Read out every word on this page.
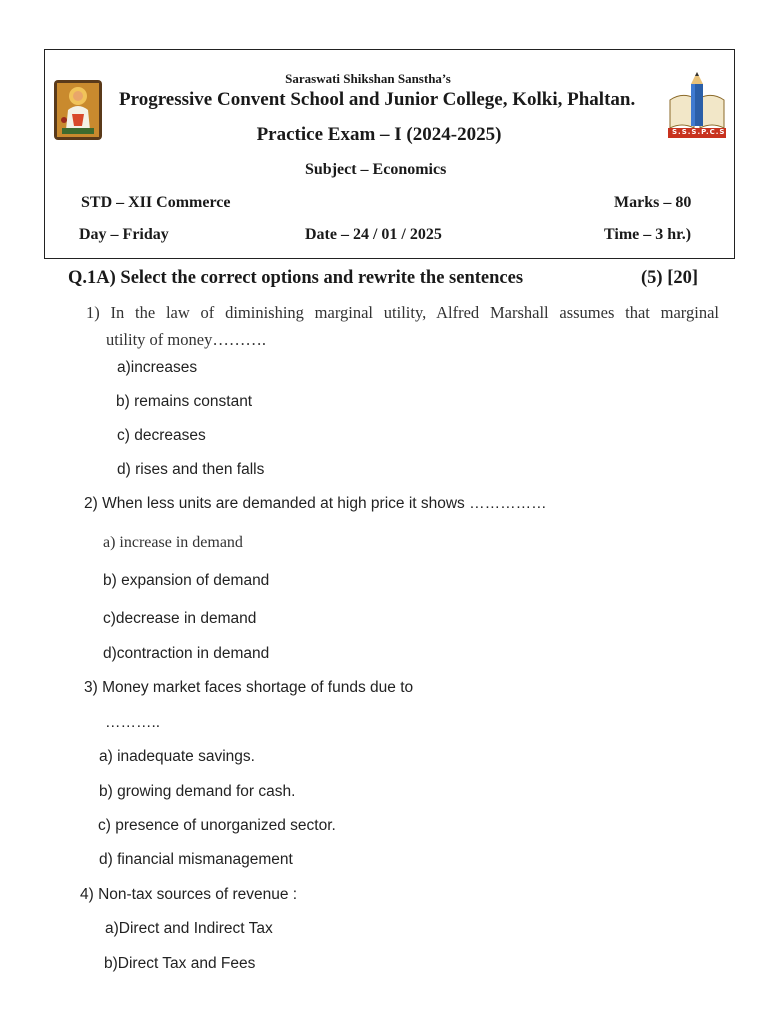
S.S.S.P.C.S
Saraswati Shikshan Sanstha’s
Progressive Convent School and Junior College, Kolki, Phaltan.
Practice Exam – I (2024-2025)
Subject – Economics
STD – XII Commerce	Marks – 80
Day – Friday	Date – 24 / 01 / 2025	Time – 3 hr.)
Q.1A) Select the correct options and rewrite the sentences	(5) [20]
1) In the law of diminishing marginal utility, Alfred Marshall assumes that marginal
utility of money……….
a)increases
b) remains constant
c) decreases
d) rises and then falls
2) When less units are demanded at high price it shows ……………
a) increase in demand
b) expansion of demand
c)decrease in demand
d)contraction in demand
3) Money market faces shortage of funds due to
………..
a) inadequate savings.
b) growing demand for cash.
c) presence of unorganized sector.
d) financial mismanagement
4) Non-tax sources of revenue :
a)Direct and Indirect Tax
b)Direct Tax and Fees
